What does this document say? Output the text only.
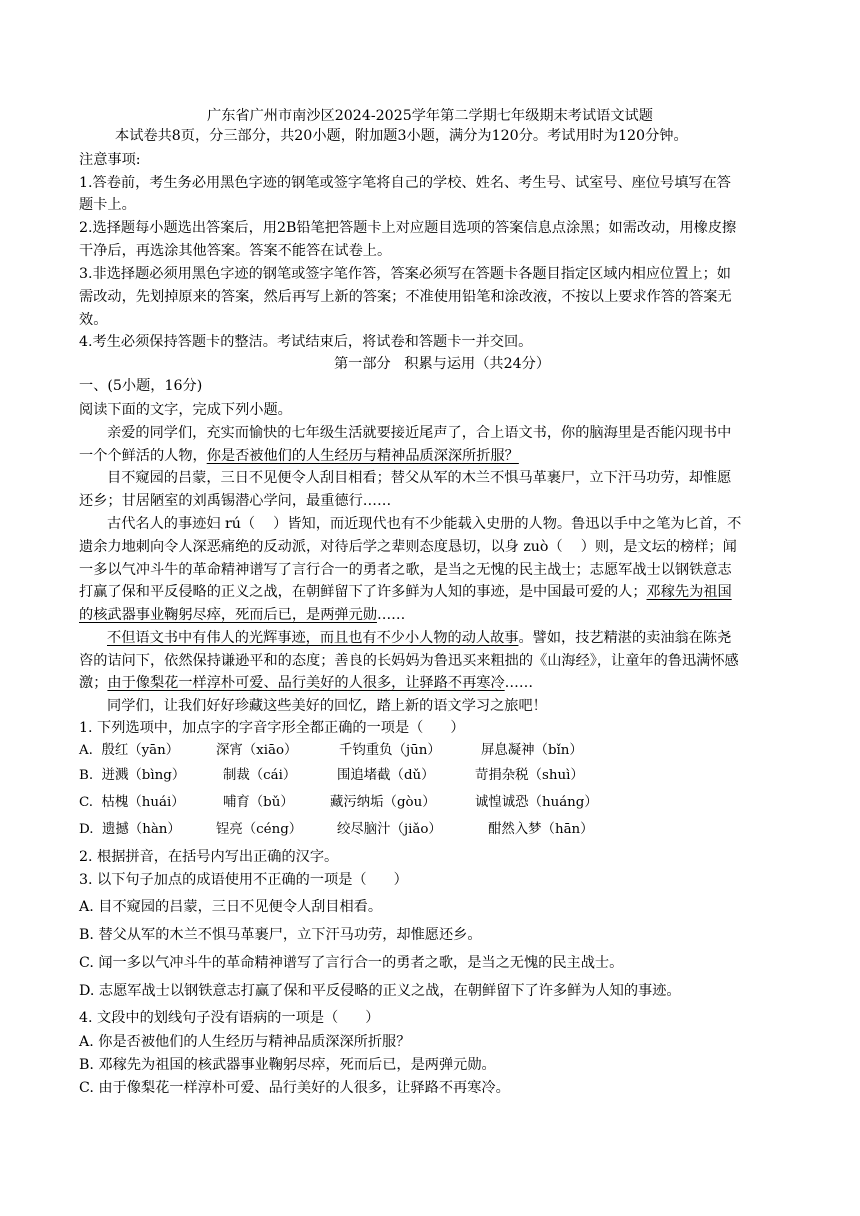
广东省广州市南沙区2024-2025学年第二学期七年级期末考试语文试题
本试卷共8页，分三部分，共20小题，附加题3小题，满分为120分。考试用时为120分钟。
注意事项:
1.答卷前，考生务必用黑色字迹的钢笔或签字笔将自己的学校、姓名、考生号、试室号、座位号填写在答
题卡上。
2.选择题每小题选出答案后，用2B铅笔把答题卡上对应题目选项的答案信息点涂黑；如需改动，用橡皮擦
干净后，再选涂其他答案。答案不能答在试卷上。
3.非选择题必须用黑色字迹的钢笔或签字笔作答，答案必须写在答题卡各题目指定区域内相应位置上；如
需改动，先划掉原来的答案，然后再写上新的答案；不准使用铅笔和涂改液，不按以上要求作答的答案无
效。
4.考生必须保持答题卡的整洁。考试结束后，将试卷和答题卡一并交回。
第一部分   积累与运用（共24分）
一、(5小题，16分)
阅读下面的文字，完成下列小题。
亲爱的同学们，充实而愉快的七年级生活就要接近尾声了，合上语文书，你的脑海里是否能闪现书中
一个个鲜活的人物，你是否被他们的人生经历与精神品质深深所折服？
目不窥园的吕蒙，三日不见便令人刮目相看；替父从军的木兰不惧马革裹尸，立下汗马功劳，却惟愿
还乡；甘居陋室的刘禹锡潜心学问，最重德行……
古代名人的事迹妇 rú（    ）皆知，而近现代也有不少能载入史册的人物。鲁迅以手中之笔为匕首，不
遗余力地刺向令人深恶痛绝的反动派，对待后学之辈则态度恳切，以身 zuò（    ）则，是文坛的榜样；闻
一多以气冲斗牛的革命精神谱写了言行合一的勇者之歌，是当之无愧的民主战士；志愿军战士以钢铁意志
打赢了保和平反侵略的正义之战，在朝鲜留下了许多鲜为人知的事迹，是中国最可爱的人；邓稼先为祖国
的核武器事业鞠躬尽瘁，死而后已，是两弹元勋……
不但语文书中有伟人的光辉事迹，而且也有不少小人物的动人故事。譬如，技艺精湛的卖油翁在陈尧
咨的诘问下，依然保持谦逊平和的态度；善良的长妈妈为鲁迅买来粗拙的《山海经》，让童年的鲁迅满怀感
激；由于像梨花一样淳朴可爱、品行美好的人很多，让驿路不再寒冷……
同学们，让我们好好珍藏这些美好的回忆，踏上新的语文学习之旅吧！
1. 下列选项中，加点字的字音字形全都正确的一项是（      ）
A.  殷红（yān）	深宵（xiāo）	千钧重负（jūn）	屏息凝神（bǐn）
B.  迸溅（bìng）	制裁（cái）	围追堵截（dǔ）	苛捐杂税（shuì）
C.  枯槐（huái）	哺育（bǔ）	藏污纳垢（gòu）	诚惶诚恐（huáng）
D.  遗撼（hàn）	锃亮（céng）	绞尽脑汁（jiǎo）	酣然入梦（hān）
2. 根据拼音，在括号内写出正确的汉字。
3. 以下句子加点的成语使用不正确的一项是（      ）
A. 目不窥园的吕蒙，三日不见便令人刮目相看。
B. 替父从军的木兰不惧马革裹尸，立下汗马功劳，却惟愿还乡。
C. 闻一多以气冲斗牛的革命精神谱写了言行合一的勇者之歌，是当之无愧的民主战士。
D. 志愿军战士以钢铁意志打赢了保和平反侵略的正义之战，在朝鲜留下了许多鲜为人知的事迹。
4. 文段中的划线句子没有语病的一项是（      ）
A. 你是否被他们的人生经历与精神品质深深所折服？
B. 邓稼先为祖国的核武器事业鞠躬尽瘁，死而后已，是两弹元勋。
C. 由于像梨花一样淳朴可爱、品行美好的人很多，让驿路不再寒冷。
